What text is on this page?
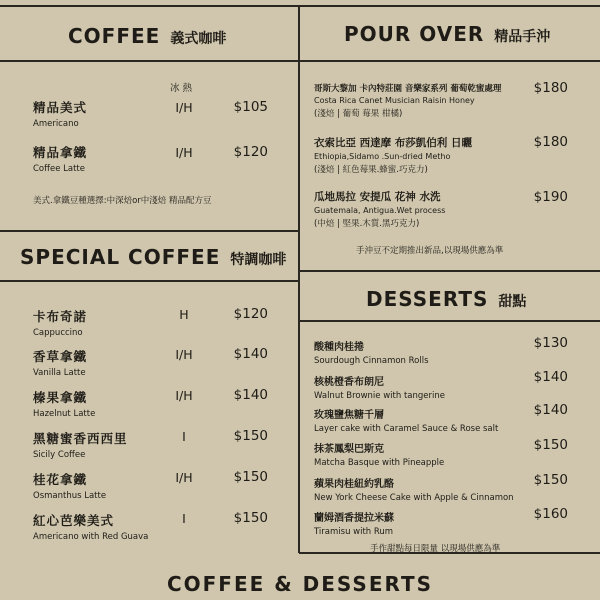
COFFEE 義式咖啡
冰 熱
精品美式
Americano
I/H	$105
精品拿鐵
Coffee Latte
I/H	$120
美式.拿鐵豆種選擇:中深焙or中淺焙 精品配方豆
SPECIAL COFFEE 特調咖啡
卡布奇諾
Cappuccino
H	$120
香草拿鐵
Vanilla Latte
I/H	$140
榛果拿鐵
Hazelnut Latte
I/H	$140
黑糖蜜香西西里
Sicily Coffee
I	$150
桂花拿鐵
Osmanthus Latte
I/H	$150
紅心芭樂美式
Americano with Red Guava
I	$150
POUR OVER 精品手沖
哥斯大黎加 卡內特莊園 音樂家系列 葡萄乾蜜處理
Costa Rica Canet Musician Raisin Honey
(淺焙 | 葡萄 莓果 柑橘)
$180
衣索比亞 西達摩 布莎凱伯利 日曬
Ethiopia,Sidamo .Sun-dried Metho
(淺焙 | 紅色莓果.蜂蜜.巧克力)
$180
瓜地馬拉 安提瓜 花神 水洗
Guatemala, Antigua.Wet process
(中焙 | 堅果.木質.黑巧克力)
$190
手沖豆不定期推出新品,以現場供應為準
DESSERTS 甜點
酸種肉桂捲
Sourdough Cinnamon Rolls
$130
核桃橙香布朗尼
Walnut Brownie with tangerine
$140
玫瑰鹽焦糖千層
Layer cake with Caramel Sauce & Rose salt
$140
抹茶鳳梨巴斯克
Matcha Basque with Pineapple
$150
蘋果肉桂紐約乳酪
New York Cheese Cake with Apple & Cinnamon
$150
蘭姆酒香提拉米蘇
Tiramisu with Rum
$160
手作甜點每日限量 以現場供應為準
COFFEE & DESSERTS
